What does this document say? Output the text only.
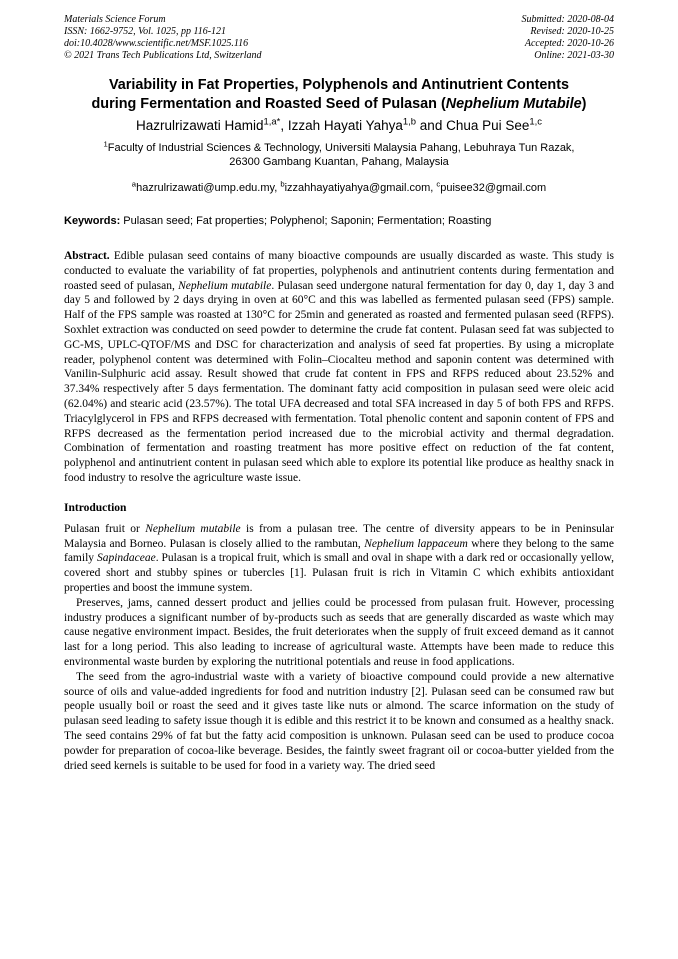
Materials Science Forum
ISSN: 1662-9752, Vol. 1025, pp 116-121
doi:10.4028/www.scientific.net/MSF.1025.116
© 2021 Trans Tech Publications Ltd, Switzerland
Submitted: 2020-08-04
Revised: 2020-10-25
Accepted: 2020-10-26
Online: 2021-03-30
Variability in Fat Properties, Polyphenols and Antinutrient Contents
during Fermentation and Roasted Seed of Pulasan (Nephelium Mutabile)
Hazrulrizawati Hamid$^{1,a*}$, Izzah Hayati Yahya$^{1,b}$ and Chua Pui See$^{1,c}$
$^1$Faculty of Industrial Sciences & Technology, Universiti Malaysia Pahang, Lebuhraya Tun Razak,
26300 Gambang Kuantan, Pahang, Malaysia
$^a$hazrulrizawati@ump.edu.my, $^b$izzahhayatiyahya@gmail.com, $^c$puisee32@gmail.com
Keywords: Pulasan seed; Fat properties; Polyphenol; Saponin; Fermentation; Roasting
Abstract. Edible pulasan seed contains of many bioactive compounds are usually discarded as waste. This study is conducted to evaluate the variability of fat properties, polyphenols and antinutrient contents during fermentation and roasted seed of pulasan, Nephelium mutabile. Pulasan seed undergone natural fermentation for day 0, day 1, day 3 and day 5 and followed by 2 days drying in oven at 60°C and this was labelled as fermented pulasan seed (FPS) sample. Half of the FPS sample was roasted at 130°C for 25min and generated as roasted and fermented pulasan seed (RFPS). Soxhlet extraction was conducted on seed powder to determine the crude fat content. Pulasan seed fat was subjected to GC-MS, UPLC-QTOF/MS and DSC for characterization and analysis of seed fat properties. By using a microplate reader, polyphenol content was determined with Folin–Ciocalteu method and saponin content was determined with Vanilin-Sulphuric acid assay. Result showed that crude fat content in FPS and RFPS reduced about 23.52% and 37.34% respectively after 5 days fermentation. The dominant fatty acid composition in pulasan seed were oleic acid (62.04%) and stearic acid (23.57%). The total UFA decreased and total SFA increased in day 5 of both FPS and RFPS. Triacylglycerol in FPS and RFPS decreased with fermentation. Total phenolic content and saponin content of FPS and RFPS decreased as the fermentation period increased due to the microbial activity and thermal degradation. Combination of fermentation and roasting treatment has more positive effect on reduction of the fat content, polyphenol and antinutrient content in pulasan seed which able to explore its potential like produce as healthy snack in food industry to resolve the agriculture waste issue.
Introduction

Pulasan fruit or Nephelium mutabile is from a pulasan tree. The centre of diversity appears to be in Peninsular Malaysia and Borneo. Pulasan is closely allied to the rambutan, Nephelium lappaceum where they belong to the same family Sapindaceae. Pulasan is a tropical fruit, which is small and oval in shape with a dark red or occasionally yellow, covered short and stubby spines or tubercles [1]. Pulasan fruit is rich in Vitamin C which exhibits antioxidant properties and boost the immune system.

Preserves, jams, canned dessert product and jellies could be processed from pulasan fruit. However, processing industry produces a significant number of by-products such as seeds that are generally discarded as waste which may cause negative environment impact. Besides, the fruit deteriorates when the supply of fruit exceed demand as it cannot last for a long period. This also leading to increase of agricultural waste. Attempts have been made to reduce this environmental waste burden by exploring the nutritional potentials and reuse in food applications.

The seed from the agro-industrial waste with a variety of bioactive compound could provide a new alternative source of oils and value-added ingredients for food and nutrition industry [2]. Pulasan seed can be consumed raw but people usually boil or roast the seed and it gives taste like nuts or almond. The scarce information on the study of pulasan seed leading to safety issue though it is edible and this restrict it to be known and consumed as a healthy snack. The seed contains 29% of fat but the fatty acid composition is unknown. Pulasan seed can be used to produce cocoa powder for preparation of cocoa-like beverage. Besides, the faintly sweet fragrant oil or cocoa-butter yielded from the dried seed kernels is suitable to be used for food in a variety way. The dried seed
